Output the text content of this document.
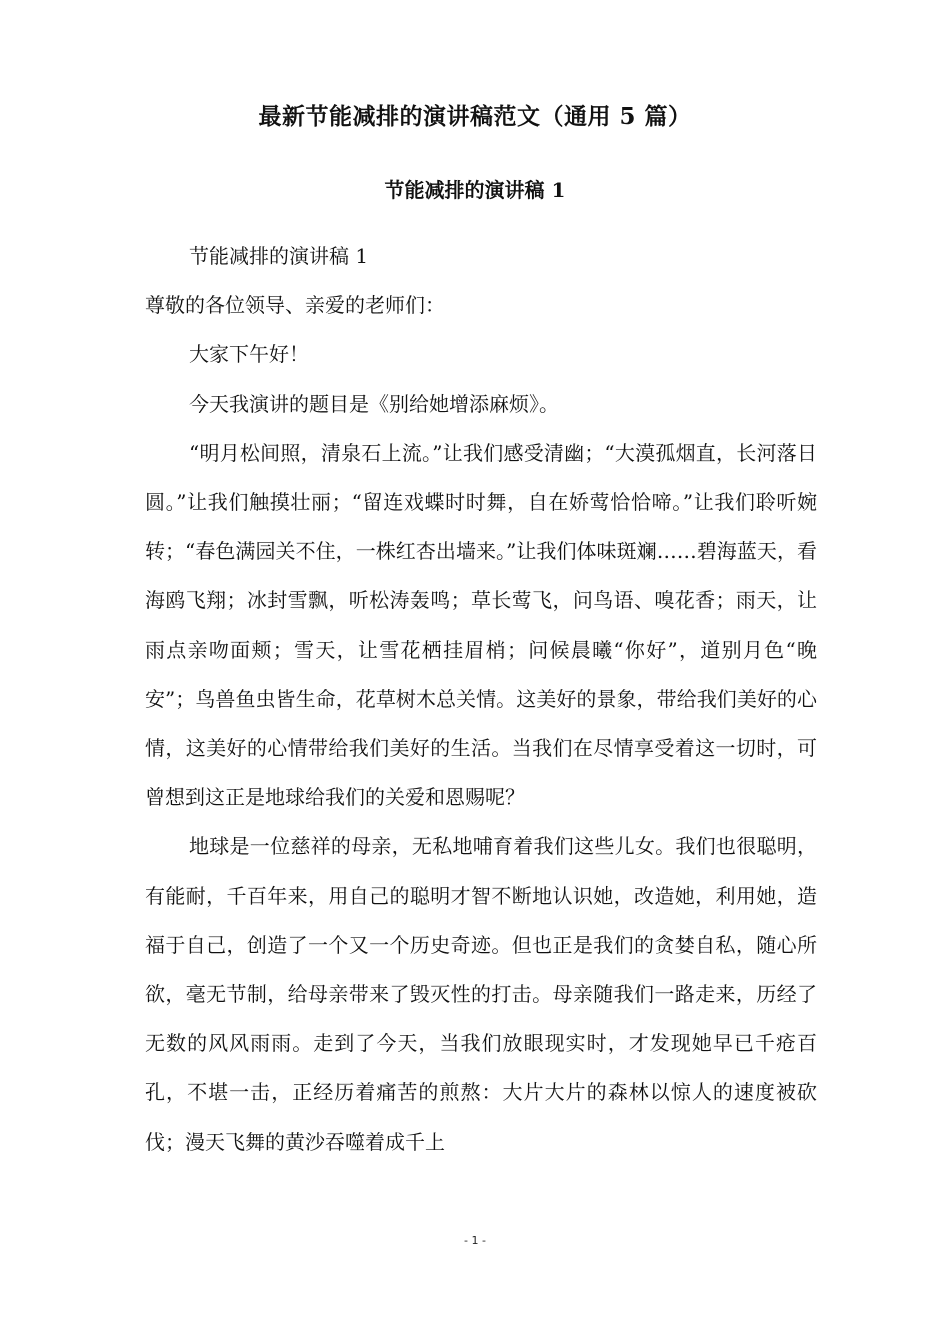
最新节能减排的演讲稿范文（通用 5 篇）
节能减排的演讲稿 1

节能减排的演讲稿 1

尊敬的各位领导、亲爱的老师们：

大家下午好！

今天我演讲的题目是《别给她增添麻烦》。

“明月松间照，清泉石上流。”让我们感受清幽；“大漠孤烟直，长河落日圆。”让我们触摸壮丽；“留连戏蝶时时舞，自在娇莺恰恰啼。”让我们聆听婉转；“春色满园关不住，一株红杏出墙来。”让我们体味斑斓……碧海蓝天，看海鸥飞翔；冰封雪飘，听松涛轰鸣；草长莺飞，问鸟语、嗅花香；雨天，让雨点亲吻面颊；雪天，让雪花栖挂眉梢；问候晨曦“你好”，道别月色“晚安”；鸟兽鱼虫皆生命，花草树木总关情。这美好的景象，带给我们美好的心情，这美好的心情带给我们美好的生活。当我们在尽情享受着这一切时，可曾想到这正是地球给我们的关爱和恩赐呢？

地球是一位慈祥的母亲，无私地哺育着我们这些儿女。我们也很聪明，有能耐，千百年来，用自己的聪明才智不断地认识她，改造她，利用她，造福于自己，创造了一个又一个历史奇迹。但也正是我们的贪婪自私，随心所欲，毫无节制，给母亲带来了毁灭性的打击。母亲随我们一路走来，历经了无数的风风雨雨。走到了今天，当我们放眼现实时，才发现她早已千疮百孔，不堪一击，正经历着痛苦的煎熬：大片大片的森林以惊人的速度被砍伐；漫天飞舞的黄沙吞噬着成千上

- 1 -
